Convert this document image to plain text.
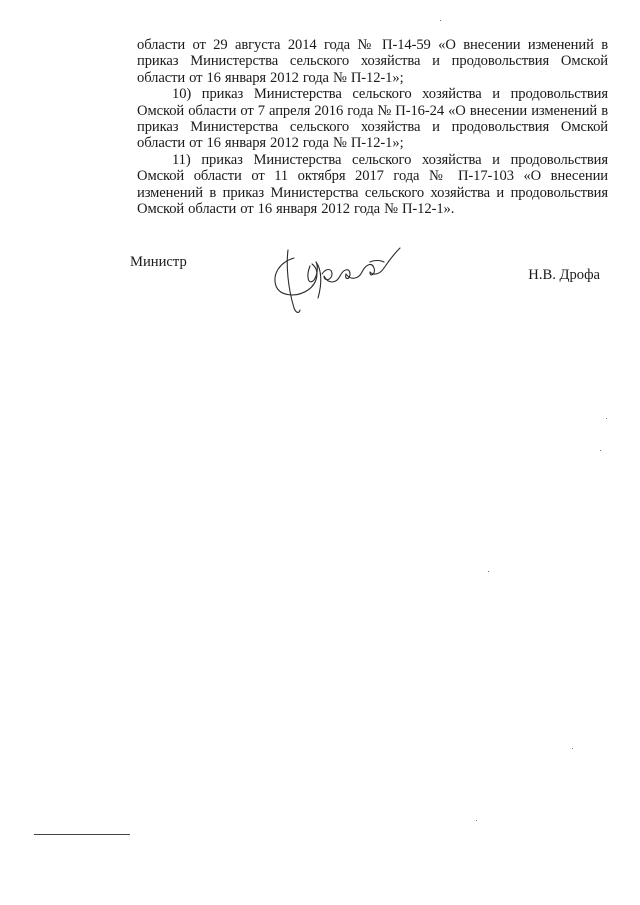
области от 29 августа 2014 года № П-14-59 «О внесении изменений в приказ Министерства сельского хозяйства и продовольствия Омской области от 16 января 2012 года № П-12-1»;

10) приказ Министерства сельского хозяйства и продовольствия Омской области от 7 апреля 2016 года № П-16-24 «О внесении изменений в приказ Министерства сельского хозяйства и продовольствия Омской области от 16 января 2012 года № П-12-1»;

11) приказ Министерства сельского хозяйства и продовольствия Омской области от 11 октября 2017 года № П-17-103 «О внесении изменений в приказ Министерства сельского хозяйства и продовольствия Омской области от 16 января 2012 года № П-12-1».

Министр
Н.В. Дрофа
